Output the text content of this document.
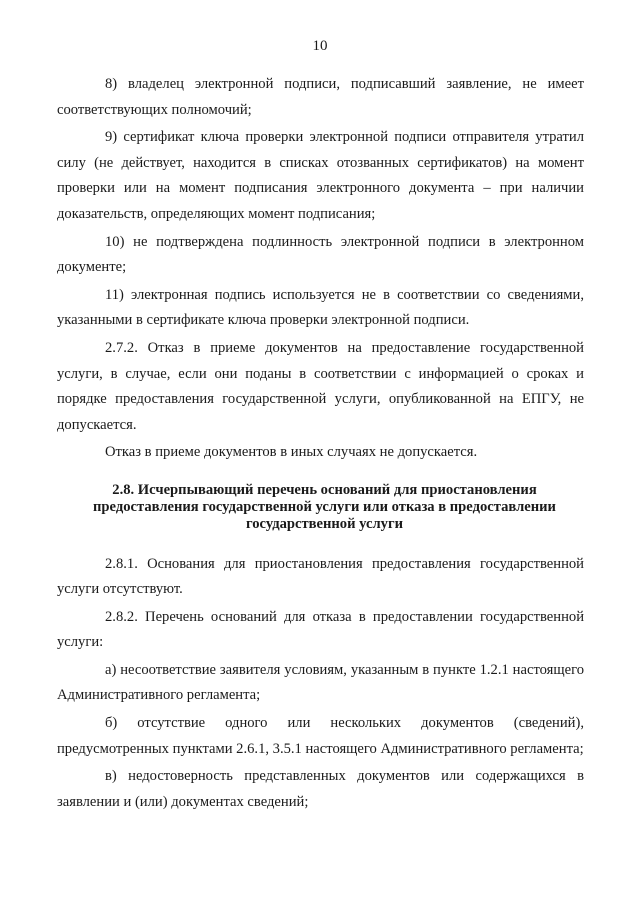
10

8) владелец электронной подписи, подписавший заявление, не имеет соответствующих полномочий;

9) сертификат ключа проверки электронной подписи отправителя утратил силу (не действует, находится в списках отозванных сертификатов) на момент проверки или на момент подписания электронного документа – при наличии доказательств, определяющих момент подписания;

10) не подтверждена подлинность электронной подписи в электронном документе;

11) электронная подпись используется не в соответствии со сведениями, указанными в сертификате ключа проверки электронной подписи.

2.7.2. Отказ в приеме документов на предоставление государственной услуги, в случае, если они поданы в соответствии с информацией о сроках и порядке предоставления государственной услуги, опубликованной на ЕПГУ, не допускается.

Отказ в приеме документов в иных случаях не допускается.

2.8. Исчерпывающий перечень оснований для приостановления предоставления государственной услуги или отказа в предоставлении государственной услуги

2.8.1. Основания для приостановления предоставления государственной услуги отсутствуют.

2.8.2. Перечень оснований для отказа в предоставлении государственной услуги:

а) несоответствие заявителя условиям, указанным в пункте 1.2.1 настоящего Административного регламента;

б) отсутствие одного или нескольких документов (сведений), предусмотренных пунктами 2.6.1, 3.5.1 настоящего Административного регламента;

в) недостоверность представленных документов или содержащихся в заявлении и (или) документах сведений;
